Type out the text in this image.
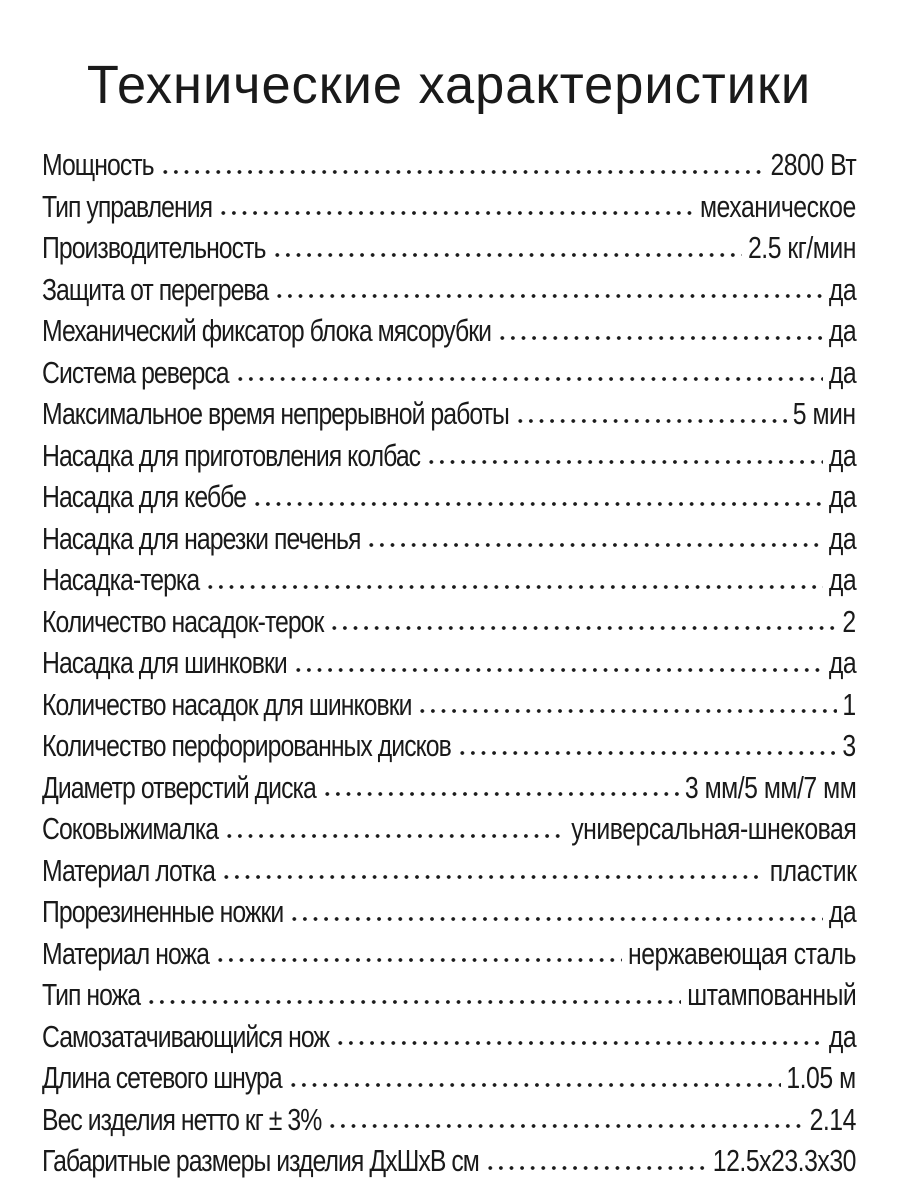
Технические характеристики
Мощность	2800 Вт
Тип управления	механическое
Производительность	2.5 кг/мин
Защита от перегрева	да
Механический фиксатор блока мясорубки	да
Система реверса	да
Максимальное время непрерывной работы	5 мин
Насадка для приготовления колбас	да
Насадка для кеббе	да
Насадка для нарезки печенья	да
Насадка-терка	да
Количество насадок-терок	2
Насадка для шинковки	да
Количество насадок для шинковки	1
Количество перфорированных дисков	3
Диаметр отверстий диска	3 мм/5 мм/7 мм
Соковыжималка	универсальная-шнековая
Материал лотка	пластик
Прорезиненные ножки	да
Материал ножа	нержавеющая сталь
Тип ножа	штампованный
Самозатачивающийся нож	да
Длина сетевого шнура	1.05 м
Вес изделия нетто кг ± 3%	2.14
Габаритные размеры изделия ДхШхВ см	12.5x23.3x30
